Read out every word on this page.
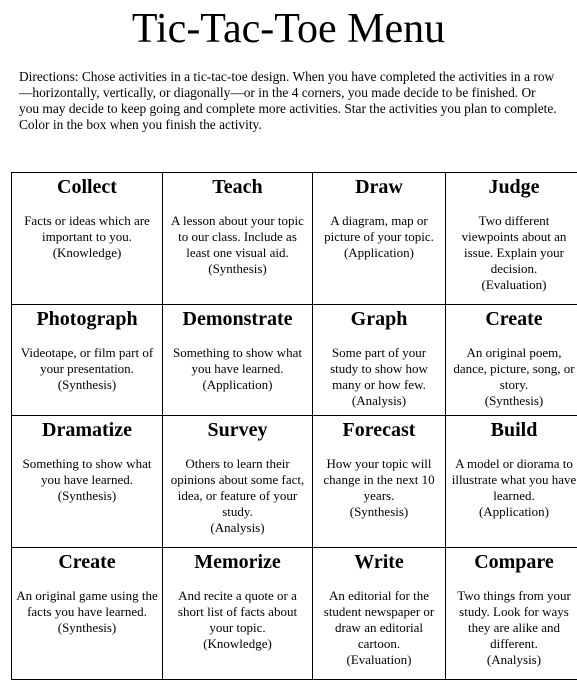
Tic-Tac-Toe Menu

Directions: Chose activities in a tic-tac-toe design. When you have completed the activities in a row—horizontally, vertically, or diagonally—or in the 4 corners, you made decide to be finished. Or you may decide to keep going and complete more activities. Star the activities you plan to complete. Color in the box when you finish the activity.

Collect
Facts or ideas which are important to you.
(Knowledge)	Teach
A lesson about your topic to our class. Include as least one visual aid.
(Synthesis)	Draw
A diagram, map or picture of your topic.
(Application)	Judge
Two different viewpoints about an issue. Explain your decision.
(Evaluation)

Photograph
Videotape, or film part of your presentation.
(Synthesis)	Demonstrate
Something to show what you have learned.
(Application)	Graph
Some part of your study to show how many or how few.
(Analysis)	Create
An original poem, dance, picture, song, or story.
(Synthesis)

Dramatize
Something to show what you have learned.
(Synthesis)	Survey
Others to learn their opinions about some fact, idea, or feature of your study.
(Analysis)	Forecast
How your topic will change in the next 10 years.
(Synthesis)	Build
A model or diorama to illustrate what you have learned.
(Application)

Create
An original game using the facts you have learned.
(Synthesis)	Memorize
And recite a quote or a short list of facts about your topic.
(Knowledge)	Write
An editorial for the student newspaper or draw an editorial cartoon.
(Evaluation)	Compare
Two things from your study. Look for ways they are alike and different.
(Analysis)
